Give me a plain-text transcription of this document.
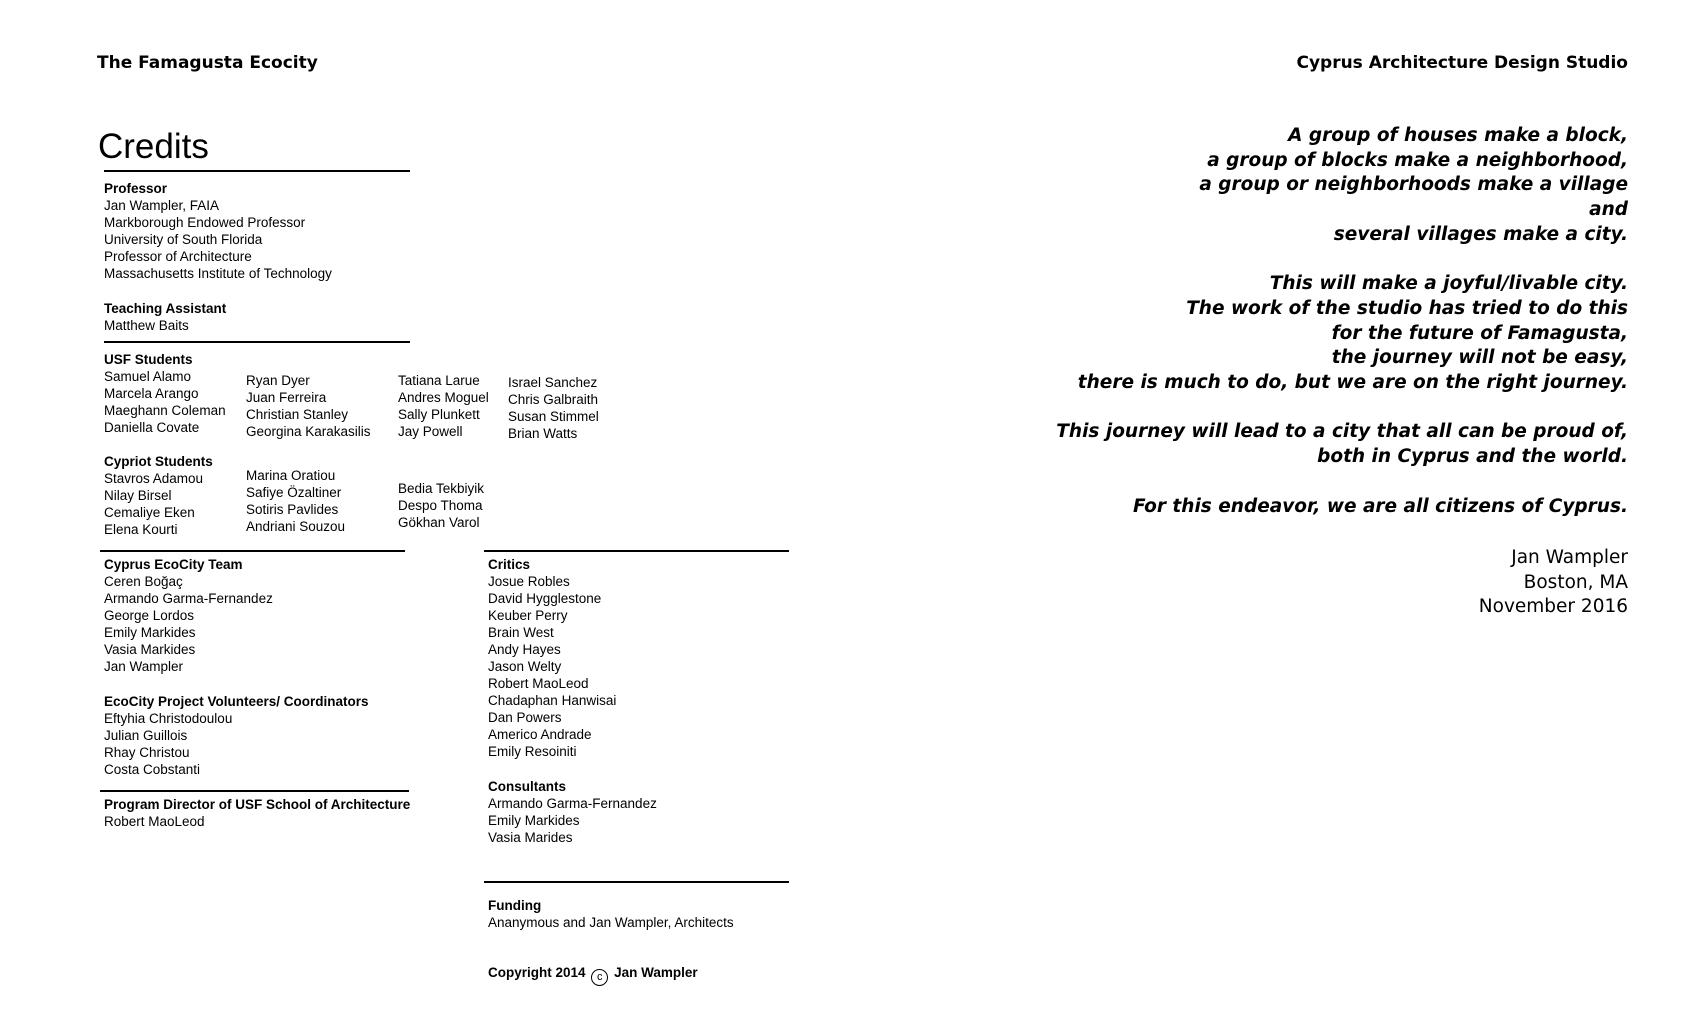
The Famagusta Ecocity	Cyprus Architecture Design Studio
Credits
Professor
Jan Wampler, FAIA
Markborough Endowed Professor
University of South Florida
Professor of Architecture
Massachusetts Institute of Technology
Teaching Assistant
Matthew Baits
USF Students
Samuel Alamo
Marcela Arango
Maeghann Coleman
Daniella Covate
Ryan Dyer
Juan Ferreira
Christian Stanley
Georgina Karakasilis
Tatiana Larue
Andres Moguel
Sally Plunkett
Jay Powell
Israel Sanchez
Chris Galbraith
Susan Stimmel
Brian Watts
Cypriot Students
Stavros Adamou
Nilay Birsel
Cemaliye Eken
Elena Kourti
Marina Oratiou
Safiye Özaltiner
Sotiris Pavlides
Andriani Souzou
Bedia Tekbiyik
Despo Thoma
Gökhan Varol
Cyprus EcoCity Team
Ceren Boğaç
Armando Garma-Fernandez
George Lordos
Emily Markides
Vasia Markides
Jan Wampler
EcoCity Project Volunteers/ Coordinators
Eftyhia Christodoulou
Julian Guillois
Rhay Christou
Costa Cobstanti
Program Director of USF School of Architecture
Robert MaoLeod
Critics
Josue Robles
David Hygglestone
Keuber Perry
Brain West
Andy Hayes
Jason Welty
Robert MaoLeod
Chadaphan Hanwisai
Dan Powers
Americo Andrade
Emily Resoiniti
Consultants
Armando Garma-Fernandez
Emily Markides
Vasia Marides
Funding
Ananymous and Jan Wampler, Architects
Copyright 2014 c Jan Wampler
A group of houses make a block,
a group of blocks make a neighborhood,
a group or neighborhoods make a village
and
several villages make a city.
This will make a joyful/livable city.
The work of the studio has tried to do this
for the future of Famagusta,
the journey will not be easy,
there is much to do, but we are on the right journey.
This journey will lead to a city that all can be proud of,
both in Cyprus and the world.
For this endeavor, we are all citizens of Cyprus.
Jan Wampler
Boston, MA
November 2016
